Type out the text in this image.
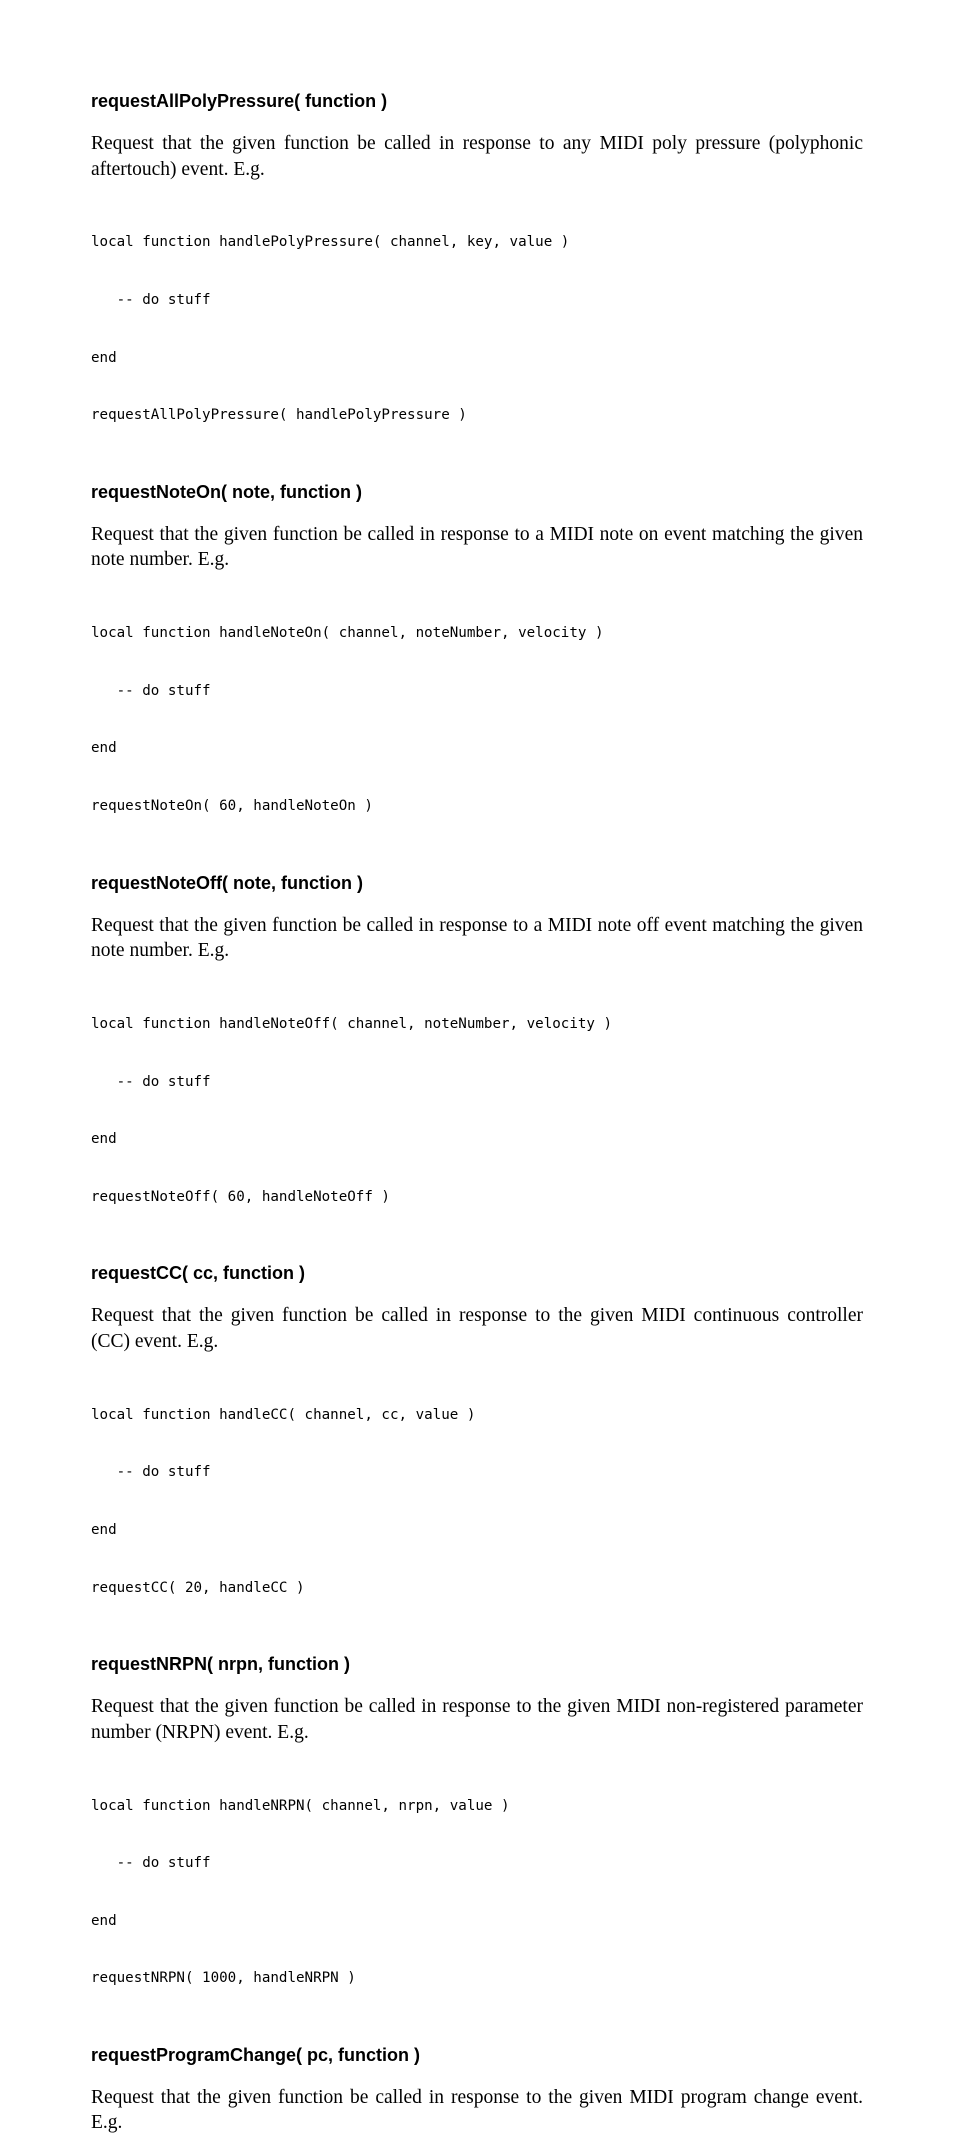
requestAllPolyPressure( function )
Request that the given function be called in response to any MIDI poly pressure (polyphonic aftertouch) event. E.g.

local function handlePolyPressure( channel, key, value )

-- do stuff

end

requestAllPolyPressure( handlePolyPressure )

requestNoteOn( note, function )
Request that the given function be called in response to a MIDI note on event matching the given note number. E.g.

local function handleNoteOn( channel, noteNumber, velocity )

-- do stuff

end

requestNoteOn( 60, handleNoteOn )

requestNoteOff( note, function )
Request that the given function be called in response to a MIDI note off event matching the given note number. E.g.

local function handleNoteOff( channel, noteNumber, velocity )

-- do stuff

end

requestNoteOff( 60, handleNoteOff )

requestCC( cc, function )
Request that the given function be called in response to the given MIDI continuous controller (CC) event. E.g.

local function handleCC( channel, cc, value )

-- do stuff

end

requestCC( 20, handleCC )

requestNRPN( nrpn, function )
Request that the given function be called in response to the given MIDI non-registered parameter number (NRPN) event. E.g.

local function handleNRPN( channel, nrpn, value )

-- do stuff

end

requestNRPN( 1000, handleNRPN )

requestProgramChange( pc, function )
Request that the given function be called in response to the given MIDI program change event. E.g.
